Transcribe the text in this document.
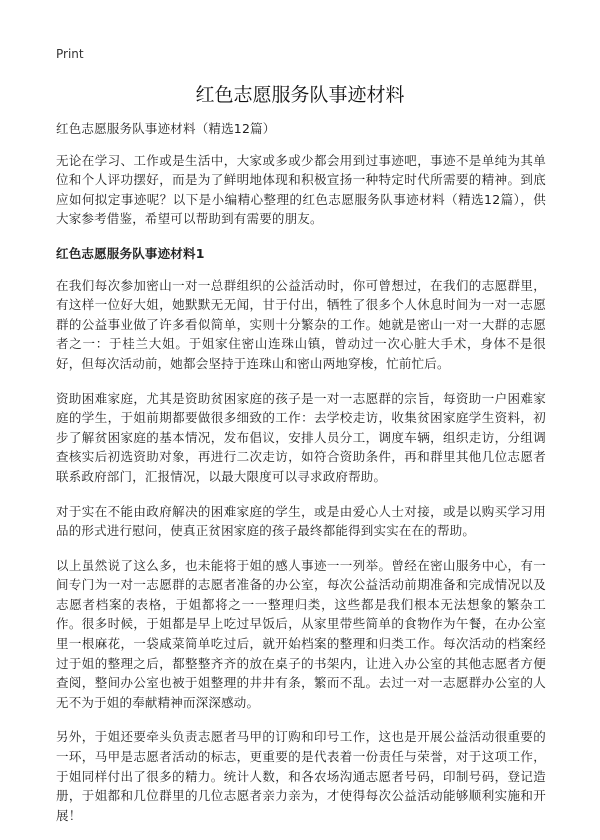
Print
红色志愿服务队事迹材料

红色志愿服务队事迹材料（精选12篇）

无论在学习、工作或是生活中，大家或多或少都会用到过事迹吧，事迹不是单纯为其单位和个人评功摆好，而是为了鲜明地体现和积极宣扬一种特定时代所需要的精神。到底应如何拟定事迹呢？以下是小编精心整理的红色志愿服务队事迹材料（精选12篇），供大家参考借鉴，希望可以帮助到有需要的朋友。

红色志愿服务队事迹材料1

在我们每次参加密山一对一总群组织的公益活动时，你可曾想过，在我们的志愿群里，有这样一位好大姐，她默默无无闻，甘于付出，牺牲了很多个人休息时间为一对一志愿群的公益事业做了许多看似简单，实则十分繁杂的工作。她就是密山一对一大群的志愿者之一：于桂兰大姐。于姐家住密山连珠山镇，曾动过一次心脏大手术，身体不是很好，但每次活动前，她都会坚持于连珠山和密山两地穿梭，忙前忙后。

资助困难家庭，尤其是资助贫困家庭的孩子是一对一志愿群的宗旨，每资助一户困难家庭的学生，于姐前期都要做很多细致的工作：去学校走访，收集贫困家庭学生资料，初步了解贫困家庭的基本情况，发布倡议，安排人员分工，调度车辆，组织走访，分组调查核实后初选资助对象，再进行二次走访，如符合资助条件，再和群里其他几位志愿者联系政府部门，汇报情况，以最大限度可以寻求政府帮助。

对于实在不能由政府解决的困难家庭的学生，或是由爱心人士对接，或是以购买学习用品的形式进行慰问，使真正贫困家庭的孩子最终都能得到实实在在的帮助。

以上虽然说了这么多，也未能将于姐的感人事迹一一列举。曾经在密山服务中心，有一间专门为一对一志愿群的志愿者准备的办公室，每次公益活动前期准备和完成情况以及志愿者档案的表格，于姐都将之一一整理归类，这些都是我们根本无法想象的繁杂工作。很多时候，于姐都是早上吃过早饭后，从家里带些简单的食物作为午餐，在办公室里一根麻花，一袋咸菜简单吃过后，就开始档案的整理和归类工作。每次活动的档案经过于姐的整理之后，都整整齐齐的放在桌子的书架内，让进入办公室的其他志愿者方便查阅，整间办公室也被于姐整理的井井有条，繁而不乱。去过一对一志愿群办公室的人无不为于姐的奉献精神而深深感动。

另外，于姐还要牵头负责志愿者马甲的订购和印号工作，这也是开展公益活动很重要的一环，马甲是志愿者活动的标志，更重要的是代表着一份责任与荣誉，对于这项工作，于姐同样付出了很多的精力。统计人数，和各农场沟通志愿者号码，印制号码，登记造册，于姐都和几位群里的几位志愿者亲力亲为，才使得每次公益活动能够顺利实施和开展！
